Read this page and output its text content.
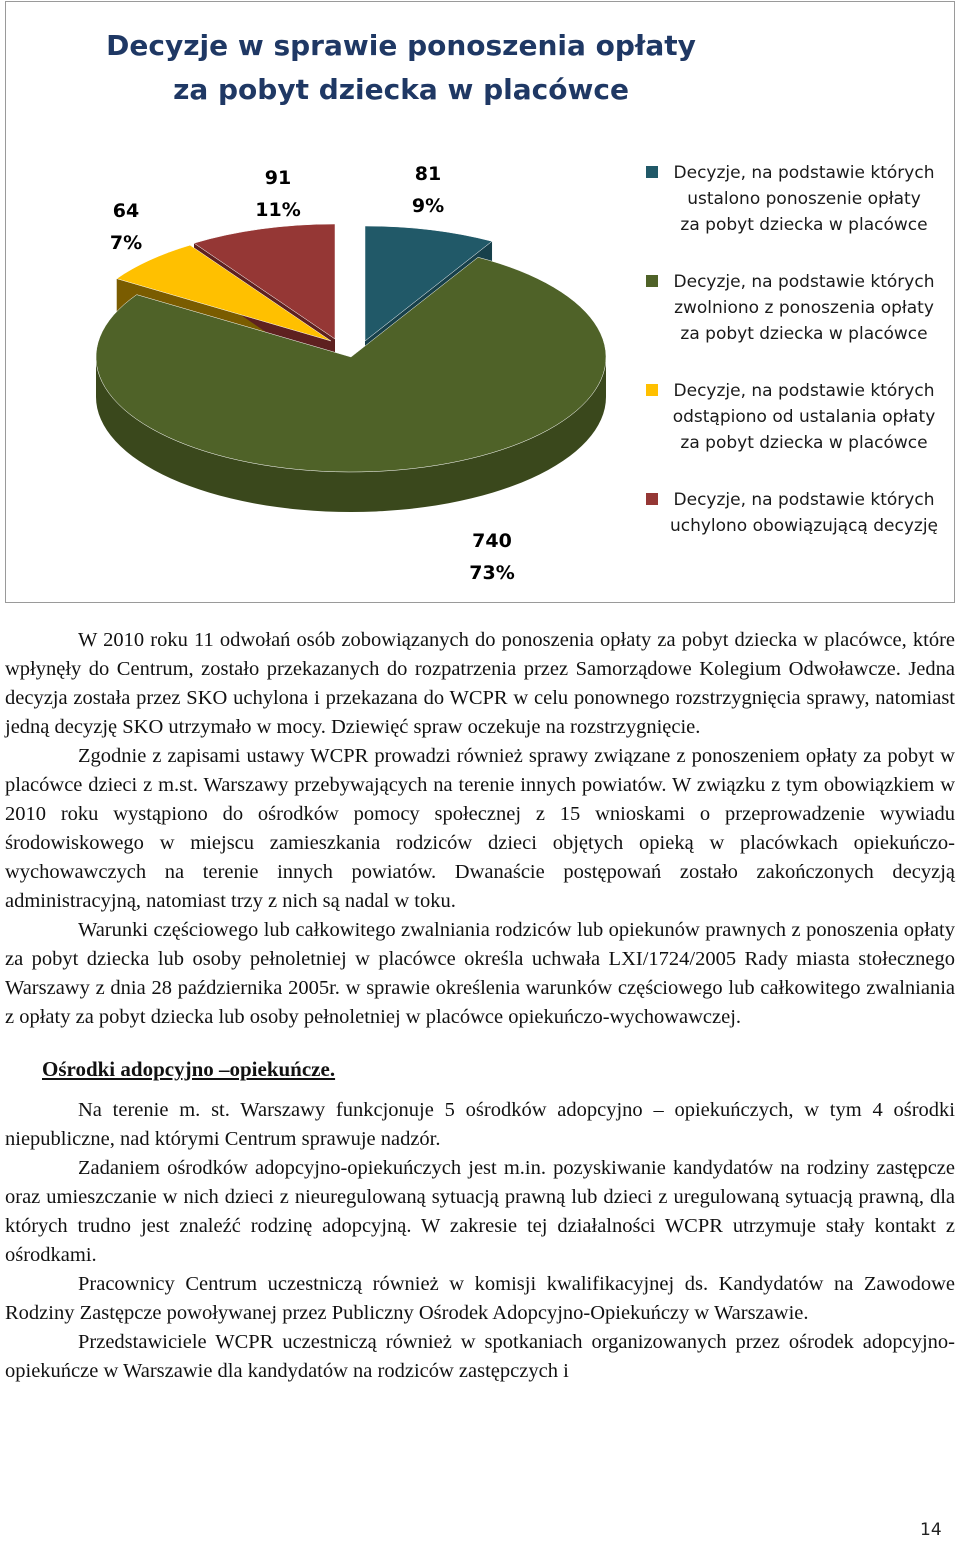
Decyzje w sprawie ponoszenia opłaty
za pobyt dziecka w placówce
81
9%
740
73%
64
7%
91
11%
Decyzje, na podstawie których
ustalono ponoszenie opłaty
za pobyt dziecka w placówce
Decyzje, na podstawie których
zwolniono z ponoszenia opłaty
za pobyt dziecka w placówce
Decyzje, na podstawie których
odstąpiono od ustalania opłaty
za pobyt dziecka w placówce
Decyzje, na podstawie których
uchylono obowiązującą decyzję

W 2010 roku 11 odwołań osób zobowiązanych do ponoszenia opłaty za pobyt dziecka w placówce, które wpłynęły do Centrum, zostało przekazanych do rozpatrzenia przez Samorządowe Kolegium Odwoławcze. Jedna decyzja została przez SKO uchylona i przekazana do WCPR w celu ponownego rozstrzygnięcia sprawy, natomiast jedną decyzję SKO utrzymało w mocy. Dziewięć spraw oczekuje na rozstrzygnięcie.

Zgodnie z zapisami ustawy WCPR prowadzi również sprawy związane z ponoszeniem opłaty za pobyt w placówce dzieci z m.st. Warszawy przebywających na terenie innych powiatów. W związku z tym obowiązkiem w 2010 roku wystąpiono do ośrodków pomocy społecznej z 15 wnioskami o przeprowadzenie wywiadu środowiskowego w miejscu zamieszkania rodziców dzieci objętych opieką w placówkach opiekuńczo-wychowawczych na terenie innych powiatów. Dwanaście postępowań zostało zakończonych decyzją administracyjną, natomiast trzy z nich są nadal w toku.

Warunki częściowego lub całkowitego zwalniania rodziców lub opiekunów prawnych z ponoszenia opłaty za pobyt dziecka lub osoby pełnoletniej w placówce określa uchwała LXI/1724/2005 Rady miasta stołecznego Warszawy z dnia 28 października 2005r. w sprawie określenia warunków częściowego lub całkowitego zwalniania z opłaty za pobyt dziecka lub osoby pełnoletniej w placówce opiekuńczo-wychowawczej.

Ośrodki adopcyjno –opiekuńcze.

Na terenie m. st. Warszawy funkcjonuje 5 ośrodków adopcyjno – opiekuńczych, w tym 4 ośrodki niepubliczne, nad którymi Centrum sprawuje nadzór.

Zadaniem ośrodków adopcyjno-opiekuńczych jest m.in. pozyskiwanie kandydatów na rodziny zastępcze oraz umieszczanie w nich dzieci z nieuregulowaną sytuacją prawną lub dzieci z uregulowaną sytuacją prawną, dla których trudno jest znaleźć rodzinę adopcyjną. W zakresie tej działalności WCPR utrzymuje stały kontakt z ośrodkami.

Pracownicy Centrum uczestniczą również w komisji kwalifikacyjnej ds. Kandydatów na Zawodowe Rodziny Zastępcze powoływanej przez Publiczny Ośrodek Adopcyjno-Opiekuńczy w Warszawie.

Przedstawiciele WCPR uczestniczą również w spotkaniach organizowanych przez ośrodek adopcyjno-opiekuńcze w Warszawie dla kandydatów na rodziców zastępczych i

14
